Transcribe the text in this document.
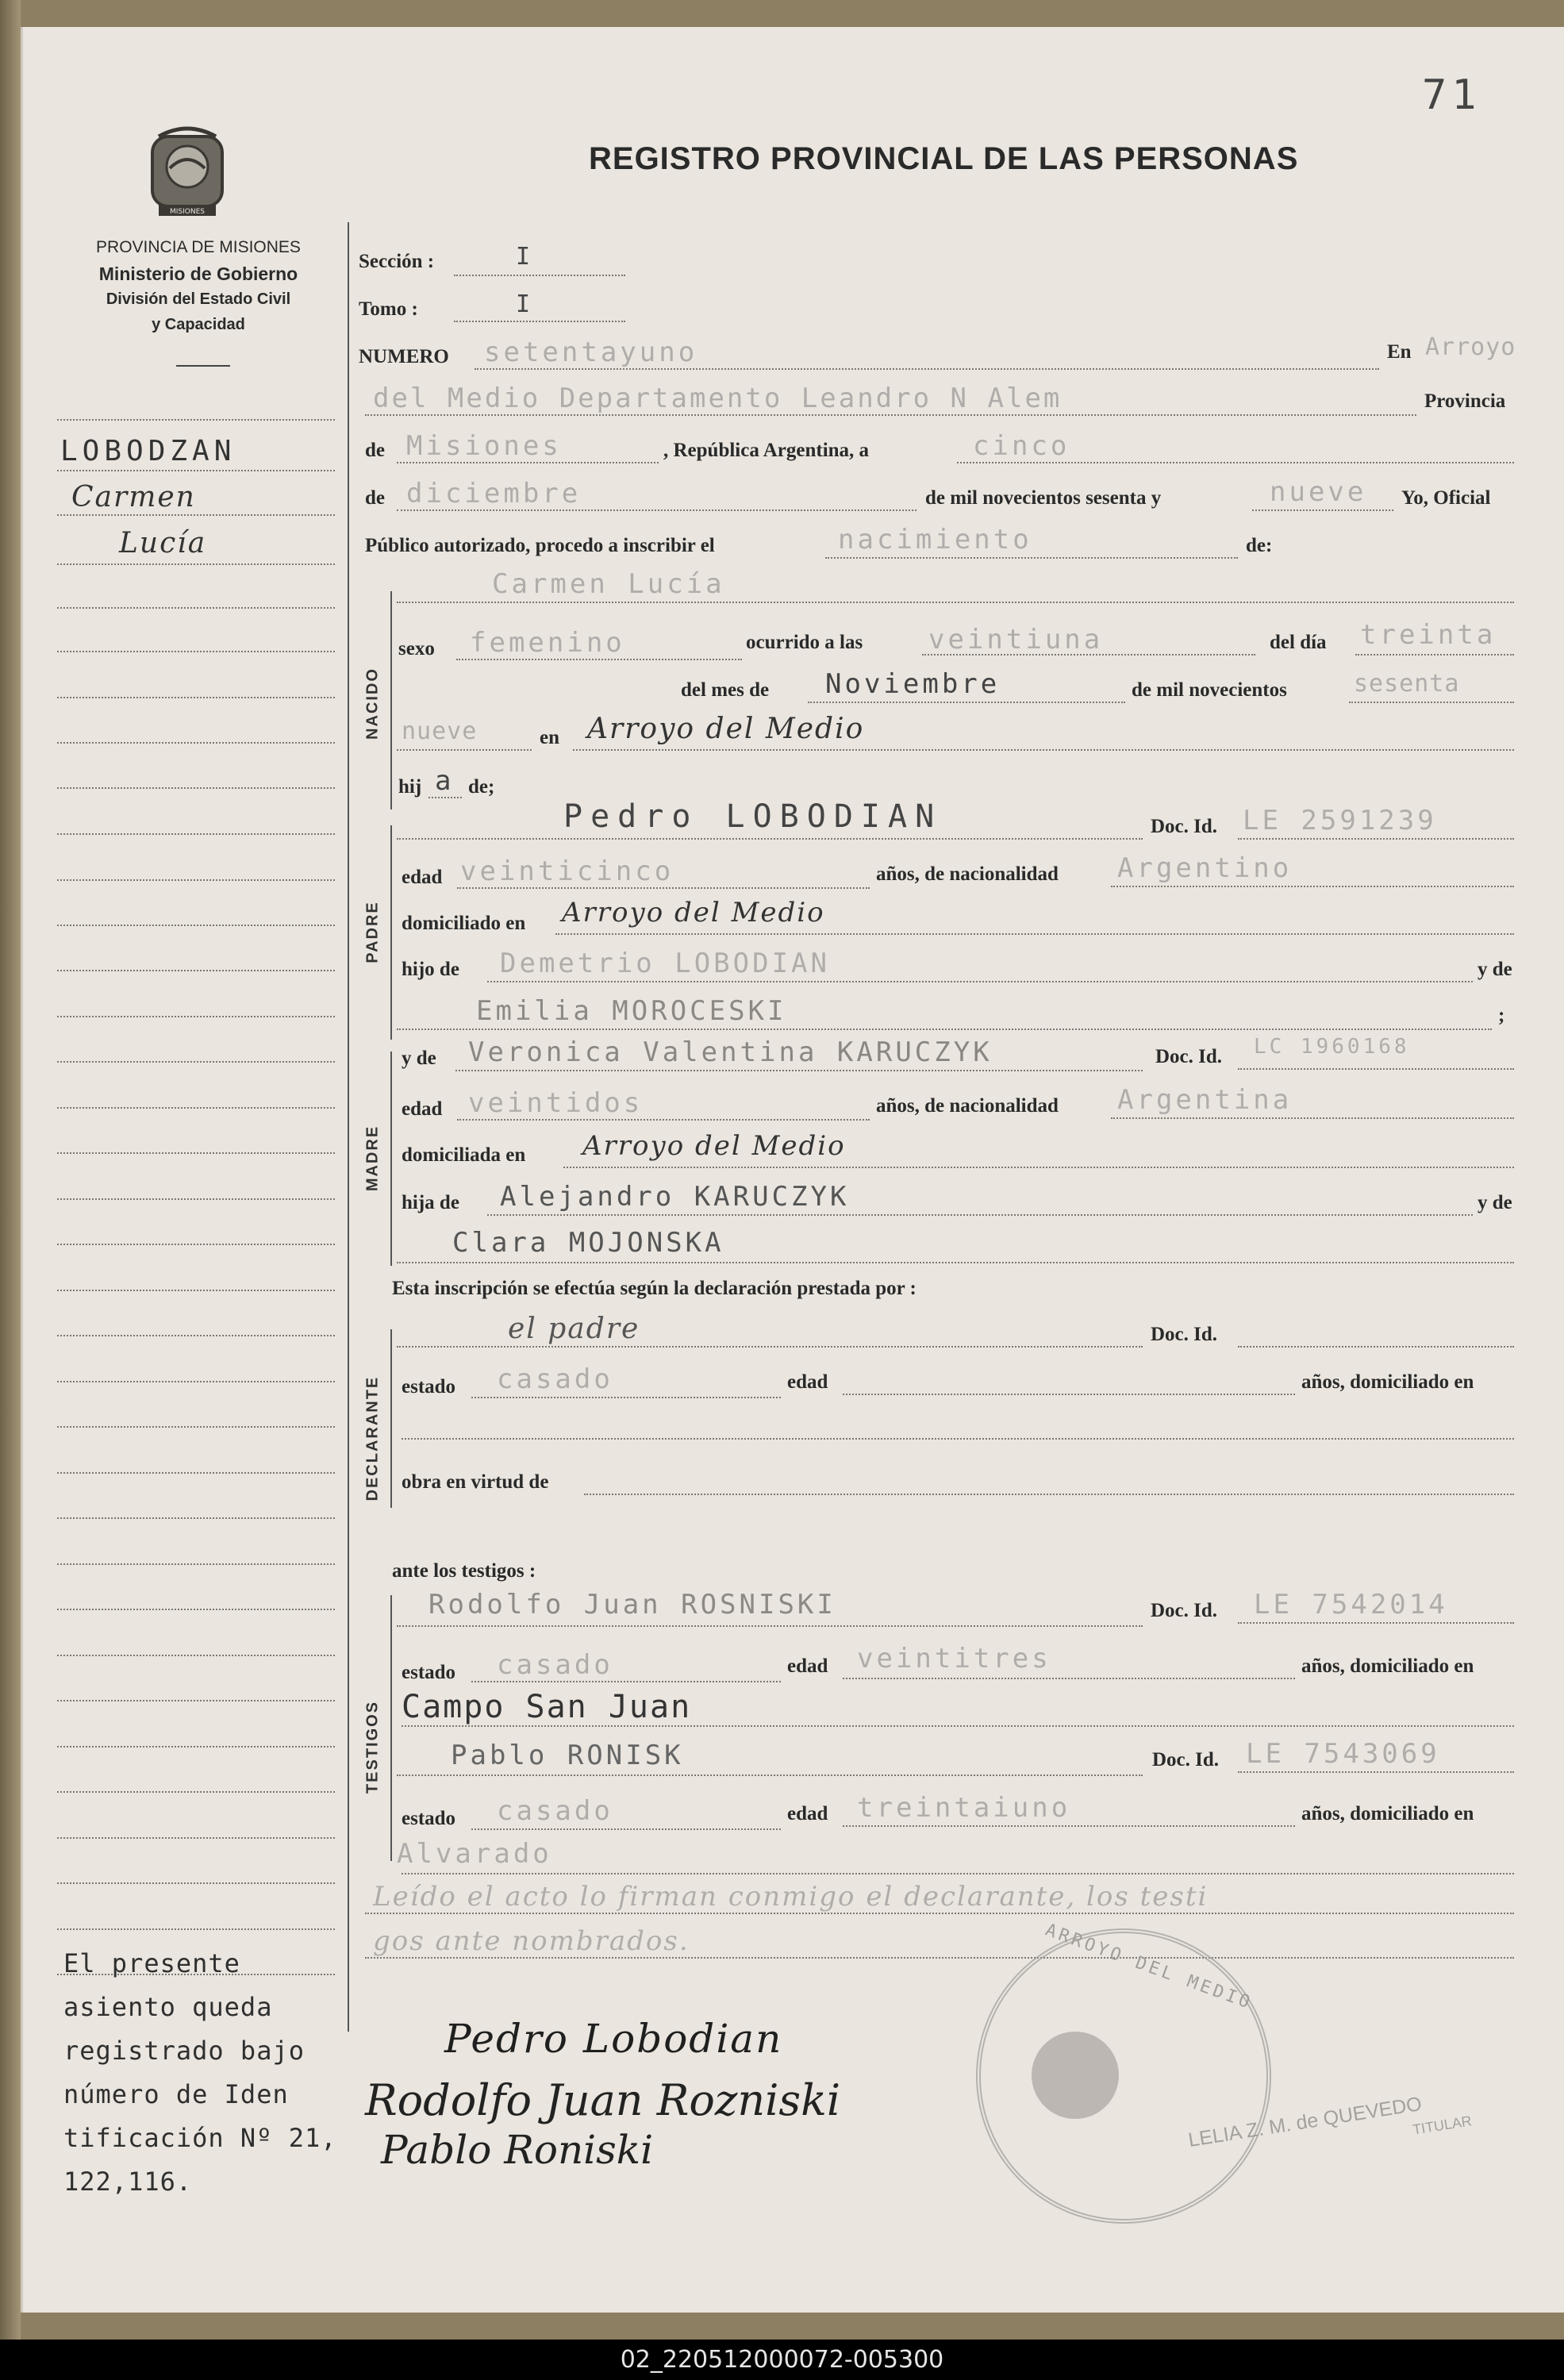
71
REGISTRO PROVINCIAL DE LAS PERSONAS
MISIONES
PROVINCIA DE MISIONES
Ministerio de Gobierno
División del Estado Civil
y Capacidad
LOBODZAN
Carmen
Lucía
El presente
asiento queda
registrado bajo
número de Iden
tificación Nº 21,
122,116.
NACIDO
PADRE
MADRE
DECLARANTE
TESTIGOS
Sección :	I
Tomo :	I
NUMERO setentayuno	En Arroyo
del Medio Departamento Leandro N Alem	Provincia
de Misiones	, República Argentina, a	cinco
de diciembre	de mil novecientos sesenta y	nueve Yo, Oficial
Público autorizado, procedo a inscribir el	nacimiento	de:
Carmen Lucía
sexo femenino	ocurrido a las veintiuna	del día treinta
del mes de Noviembre	de mil novecientos	sesenta
nueve	en Arroyo del Medio
hij a de;
Pedro LOBODIAN	Doc. Id. LE 2591239
edad veinticinco	años, de nacionalidad Argentino
domiciliado en Arroyo del Medio
hijo de Demetrio LOBODIAN	y de
Emilia MOROCESKI	;
y de Veronica Valentina KARUCZYK	Doc. Id. LC 1960168
edad veintidos	años, de nacionalidad Argentina
domiciliada en Arroyo del Medio
hija de Alejandro KARUCZYK	y de
Clara MOJONSKA
Esta inscripción se efectúa según la declaración prestada por :
el padre	Doc. Id.
estado casado	edad	años, domiciliado en
obra en virtud de
ante los testigos :
Rodolfo Juan ROSNISKI	Doc. Id. LE 7542014
estado casado	edad veintitres	años, domiciliado en
Campo San Juan
Pablo RONISK	Doc. Id. LE 7543069
estado casado	edad treintaiuno	años, domiciliado en
Alvarado
Leído el acto lo firman conmigo el declarante, los testi
gos ante nombrados.	ARROYO DEL MEDIO
Pedro Lobodian
Rodolfo Juan Rozniski
Pablo Roniski	LELIA Z. M. de QUEVEDO
TITULAR
02_220512000072-005300
